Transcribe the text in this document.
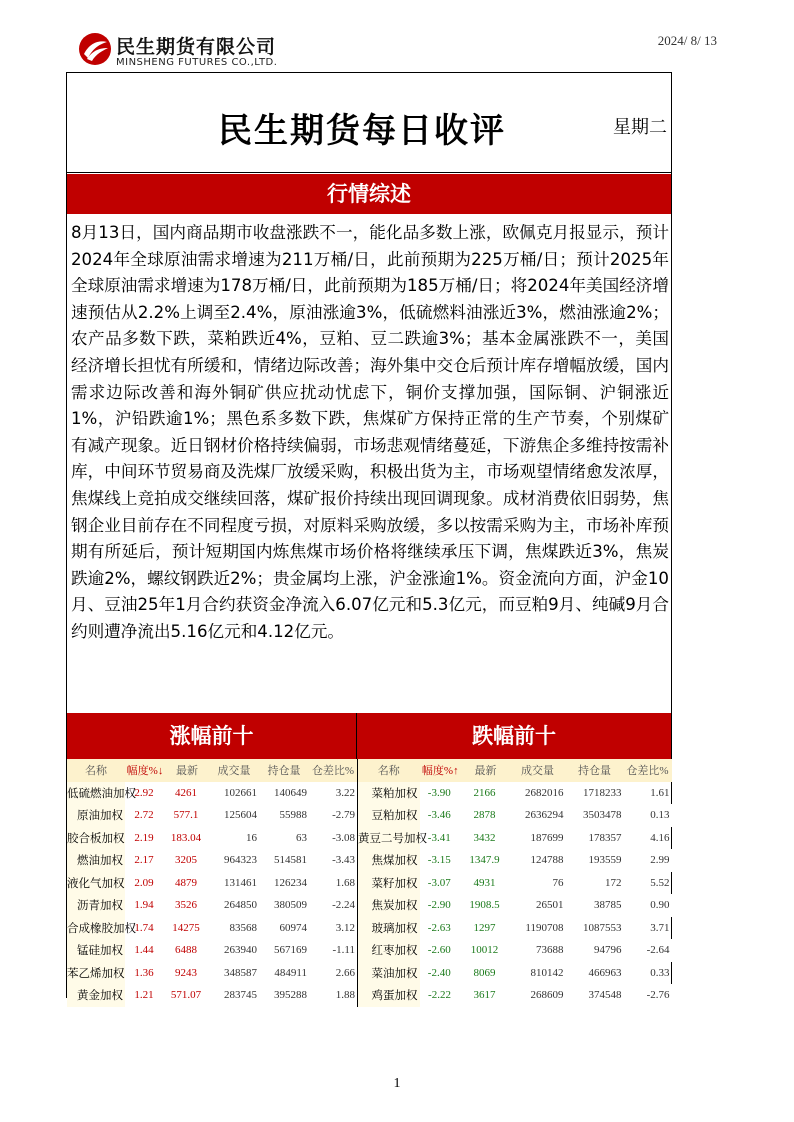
民生期货有限公司
MINSHENG FUTURES CO.,LTD.
2024/ 8/ 13
民生期货每日收评	星期二
行情综述
8月13日，国内商品期市收盘涨跌不一，能化品多数上涨，欧佩克月报显示，预计2024年全球原油需求增速为211万桶/日，此前预期为225万桶/日；预计2025年全球原油需求增速为178万桶/日，此前预期为185万桶/日；将2024年美国经济增速预估从2.2%上调至2.4%，原油涨逾3%，低硫燃料油涨近3%，燃油涨逾2%；农产品多数下跌，菜粕跌近4%，豆粕、豆二跌逾3%；基本金属涨跌不一，美国经济增长担忧有所缓和，情绪边际改善；海外集中交仓后预计库存增幅放缓，国内需求边际改善和海外铜矿供应扰动忧虑下，铜价支撑加强，国际铜、沪铜涨近1%，沪铅跌逾1%；黑色系多数下跌，焦煤矿方保持正常的生产节奏，个别煤矿有减产现象。近日钢材价格持续偏弱，市场悲观情绪蔓延，下游焦企多维持按需补库，中间环节贸易商及洗煤厂放缓采购，积极出货为主，市场观望情绪愈发浓厚，焦煤线上竞拍成交继续回落，煤矿报价持续出现回调现象。成材消费依旧弱势，焦钢企业目前存在不同程度亏损，对原料采购放缓，多以按需采购为主，市场补库预期有所延后，预计短期国内炼焦煤市场价格将继续承压下调，焦煤跌近3%，焦炭跌逾2%，螺纹钢跌近2%；贵金属均上涨，沪金涨逾1%。资金流向方面，沪金10月、豆油25年1月合约获资金净流入6.07亿元和5.3亿元，而豆粕9月、纯碱9月合约则遭净流出5.16亿元和4.12亿元。
涨幅前十	跌幅前十
名称	幅度%↓	最新	成交量	持仓量	仓差比%
低硫燃油加权	2.92	4261	102661	140649	3.22
原油加权	2.72	577.1	125604	55988	-2.79
胶合板加权	2.19	183.04	16	63	-3.08
燃油加权	2.17	3205	964323	514581	-3.43
液化气加权	2.09	4879	131461	126234	1.68
沥青加权	1.94	3526	264850	380509	-2.24
合成橡胶加权	1.74	14275	83568	60974	3.12
锰硅加权	1.44	6488	263940	567169	-1.11
苯乙烯加权	1.36	9243	348587	484911	2.66
黄金加权	1.21	571.07	283745	395288	1.88
名称	幅度%↑	最新	成交量	持仓量	仓差比%
菜粕加权	-3.90	2166	2682016	1718233	1.61
豆粕加权	-3.46	2878	2636294	3503478	0.13
黄豆二号加权	-3.41	3432	187699	178357	4.16
焦煤加权	-3.15	1347.9	124788	193559	2.99
菜籽加权	-3.07	4931	76	172	5.52
焦炭加权	-2.90	1908.5	26501	38785	0.90
玻璃加权	-2.63	1297	1190708	1087553	3.71
红枣加权	-2.60	10012	73688	94796	-2.64
菜油加权	-2.40	8069	810142	466963	0.33
鸡蛋加权	-2.22	3617	268609	374548	-2.76
1
